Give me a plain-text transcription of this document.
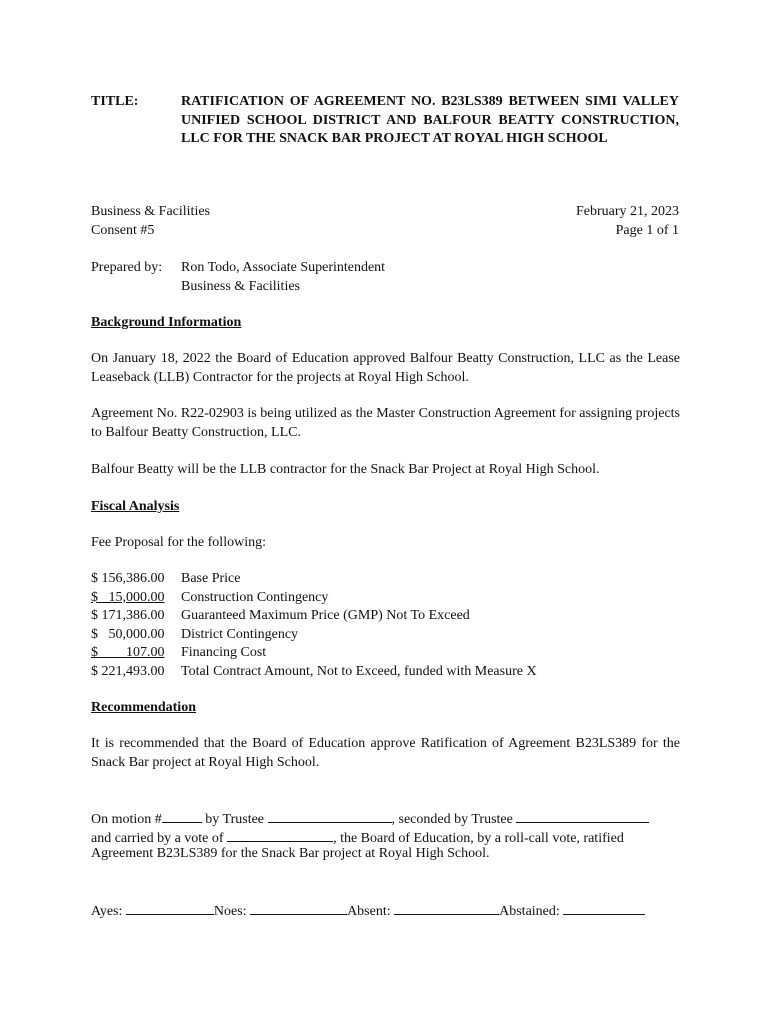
TITLE:	RATIFICATION OF AGREEMENT NO. B23LS389 BETWEEN SIMI VALLEY UNIFIED SCHOOL DISTRICT AND BALFOUR BEATTY CONSTRUCTION, LLC FOR THE SNACK BAR PROJECT AT ROYAL HIGH SCHOOL
Business & Facilities
Consent #5
February 21, 2023
Page 1 of 1
Prepared by: Ron Todo, Associate Superintendent
Business & Facilities
Background Information
On January 18, 2022 the Board of Education approved Balfour Beatty Construction, LLC as the Lease Leaseback (LLB) Contractor for the projects at Royal High School.
Agreement No. R22-02903 is being utilized as the Master Construction Agreement for assigning projects to Balfour Beatty Construction, LLC.
Balfour Beatty will be the LLB contractor for the Snack Bar Project at Royal High School.
Fiscal Analysis
Fee Proposal for the following:
$ 156,386.00 Base Price
$   15,000.00 Construction Contingency
$ 171,386.00 Guaranteed Maximum Price (GMP) Not To Exceed
$   50,000.00 District Contingency
$        107.00 Financing Cost
$ 221,493.00 Total Contract Amount, Not to Exceed, funded with Measure X
Recommendation
It is recommended that the Board of Education approve Ratification of Agreement B23LS389 for the Snack Bar project at Royal High School.
On motion #	by Trustee	, seconded by Trustee
and carried by a vote of	, the Board of Education, by a roll-call vote, ratified
Agreement B23LS389 for the Snack Bar project at Royal High School.
Ayes:	Noes:	Absent:	Abstained:
